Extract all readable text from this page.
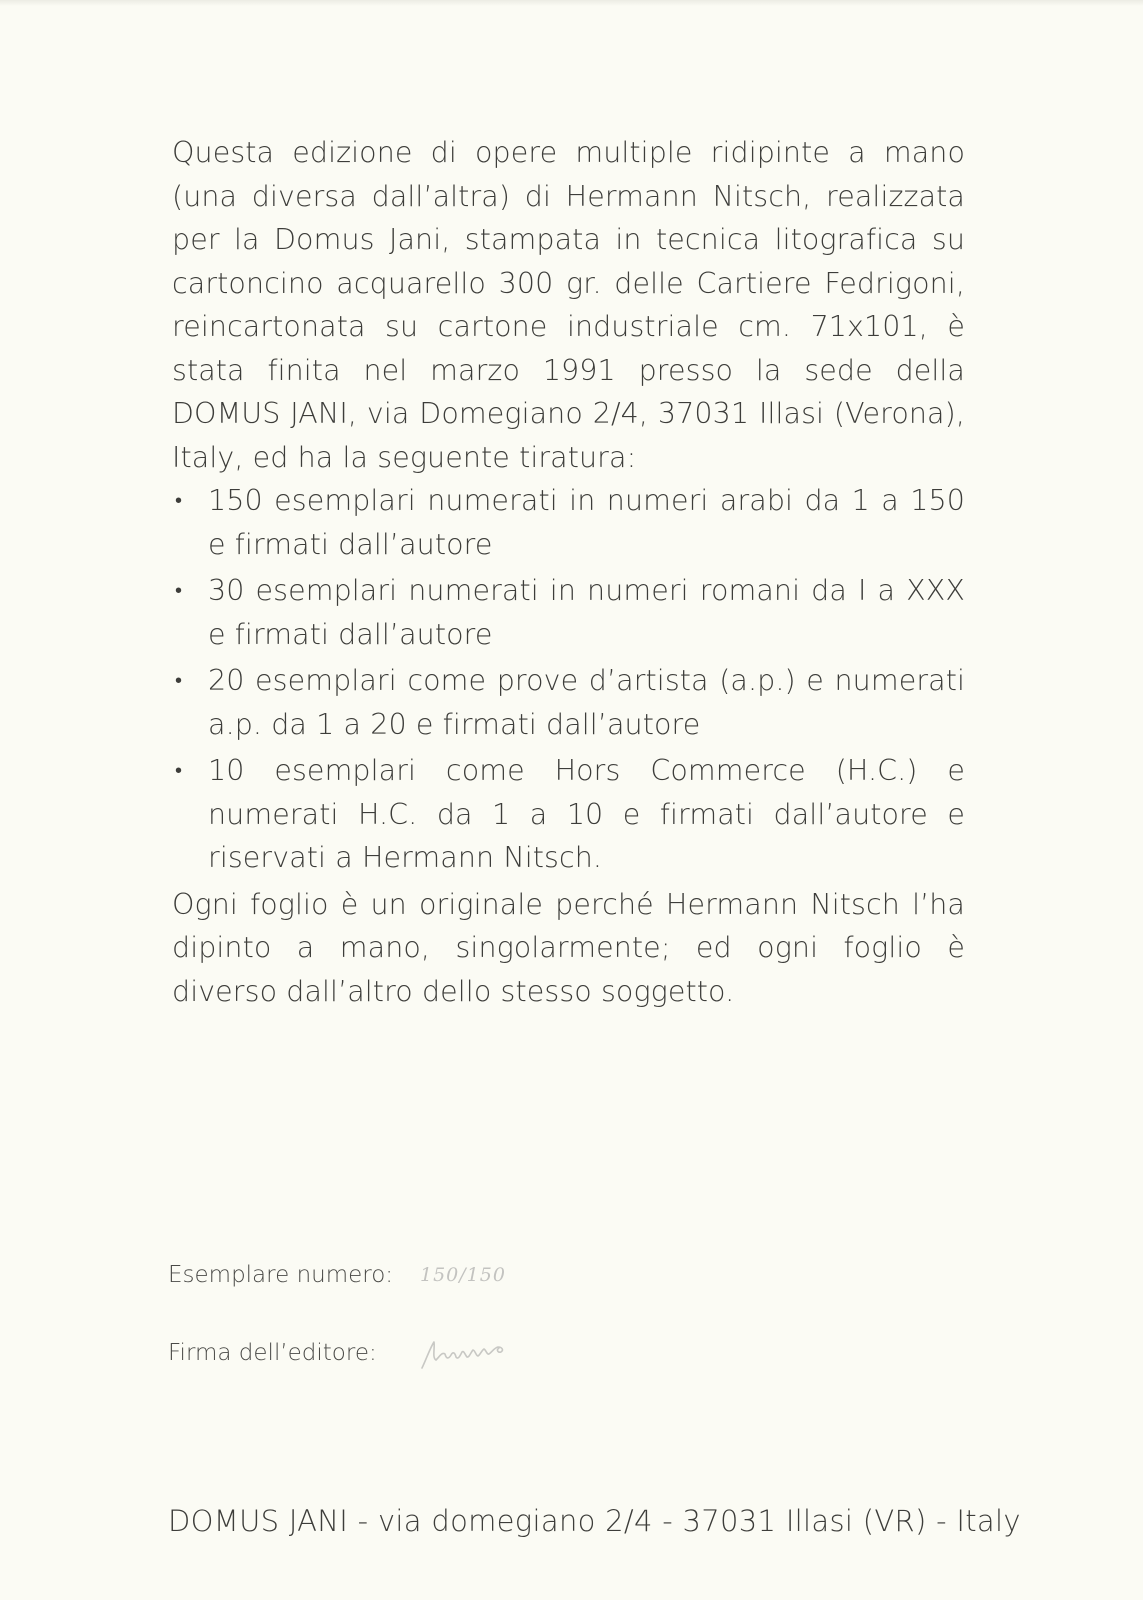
Questa edizione di opere multiple ridipinte a mano (una diversa dall’altra) di Hermann Nitsch, realizzata per la Domus Jani, stampata in tecnica litografica su cartoncino acquarello 300 gr. delle Cartiere Fedrigoni, reincartonata su cartone industriale cm. 71x101, è stata finita nel marzo 1991 presso la sede della DOMUS JANI, via Domegiano 2/4, 37031 Illasi (Verona), Italy, ed ha la seguente tiratura:

• 150 esemplari numerati in numeri arabi da 1 a 150 e firmati dall’autore
• 30 esemplari numerati in numeri romani da I a XXX e firmati dall’autore
• 20 esemplari come prove d’artista (a.p.) e numerati a.p. da 1 a 20 e firmati dall’autore
• 10 esemplari come Hors Commerce (H.C.) e numerati H.C. da 1 a 10 e firmati dall’autore e riservati a Hermann Nitsch.

Ogni foglio è un originale perché Hermann Nitsch l’ha dipinto a mano, singolarmente; ed ogni foglio è diverso dall’altro dello stesso soggetto.

Esemplare numero: 150/150
Firma dell’editore:
DOMUS JANI - via domegiano 2/4 - 37031 Illasi (VR) - Italy
